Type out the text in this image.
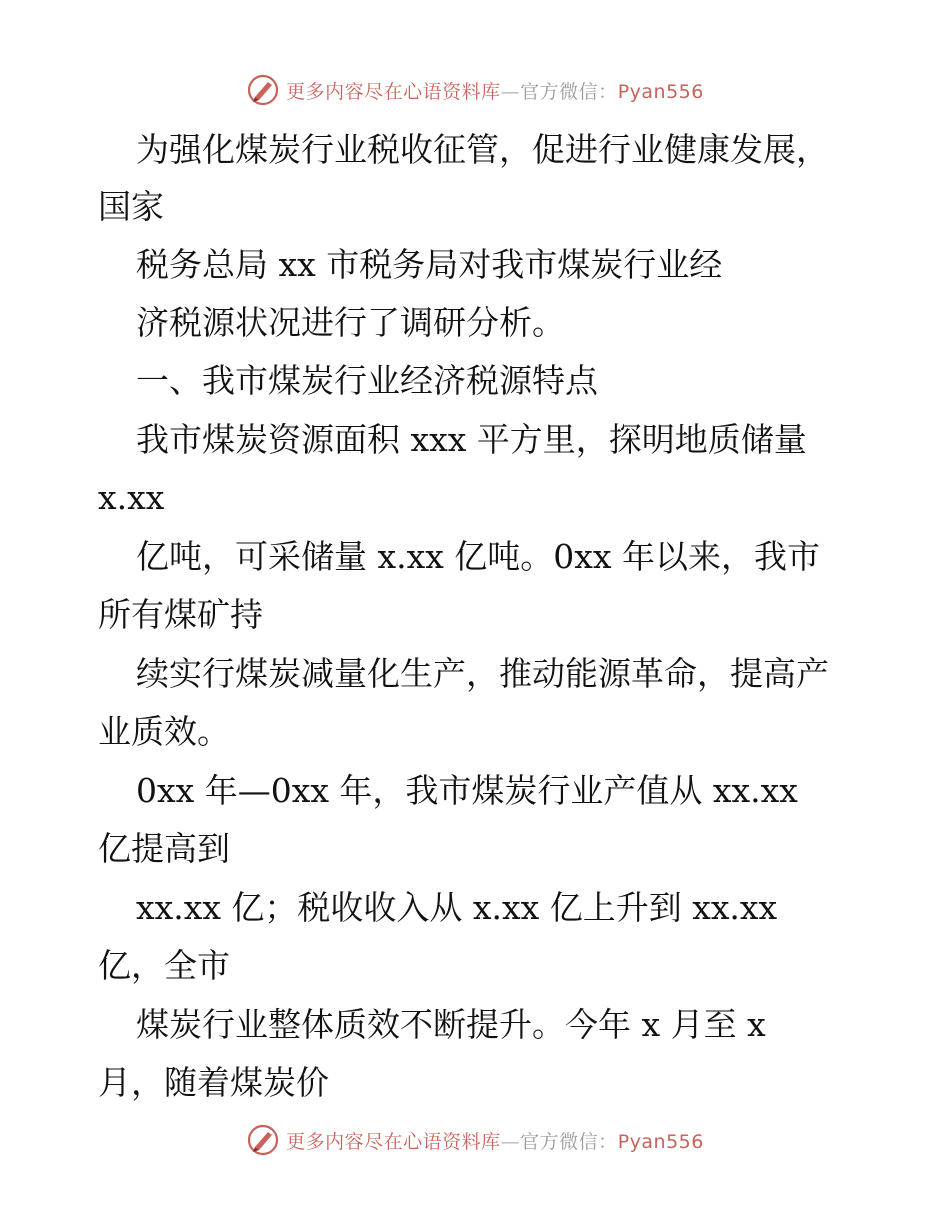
更多内容尽在心语资料库—官方微信：Pyan556
为强化煤炭行业税收征管，促进行业健康发展，
国家
税务总局 xx 市税务局对我市煤炭行业经
济税源状况进行了调研分析。
一、我市煤炭行业经济税源特点
我市煤炭资源面积 xxx 平方里，探明地质储量
x.xx
亿吨，可采储量 x.xx 亿吨。0xx 年以来，我市
所有煤矿持
续实行煤炭减量化生产，推动能源革命，提高产
业质效。
0xx 年—0xx 年，我市煤炭行业产值从 xx.xx
亿提高到
xx.xx 亿；税收收入从 x.xx 亿上升到 xx.xx
亿，全市
煤炭行业整体质效不断提升。今年 x 月至 x
月，随着煤炭价
更多内容尽在心语资料库—官方微信：Pyan556
